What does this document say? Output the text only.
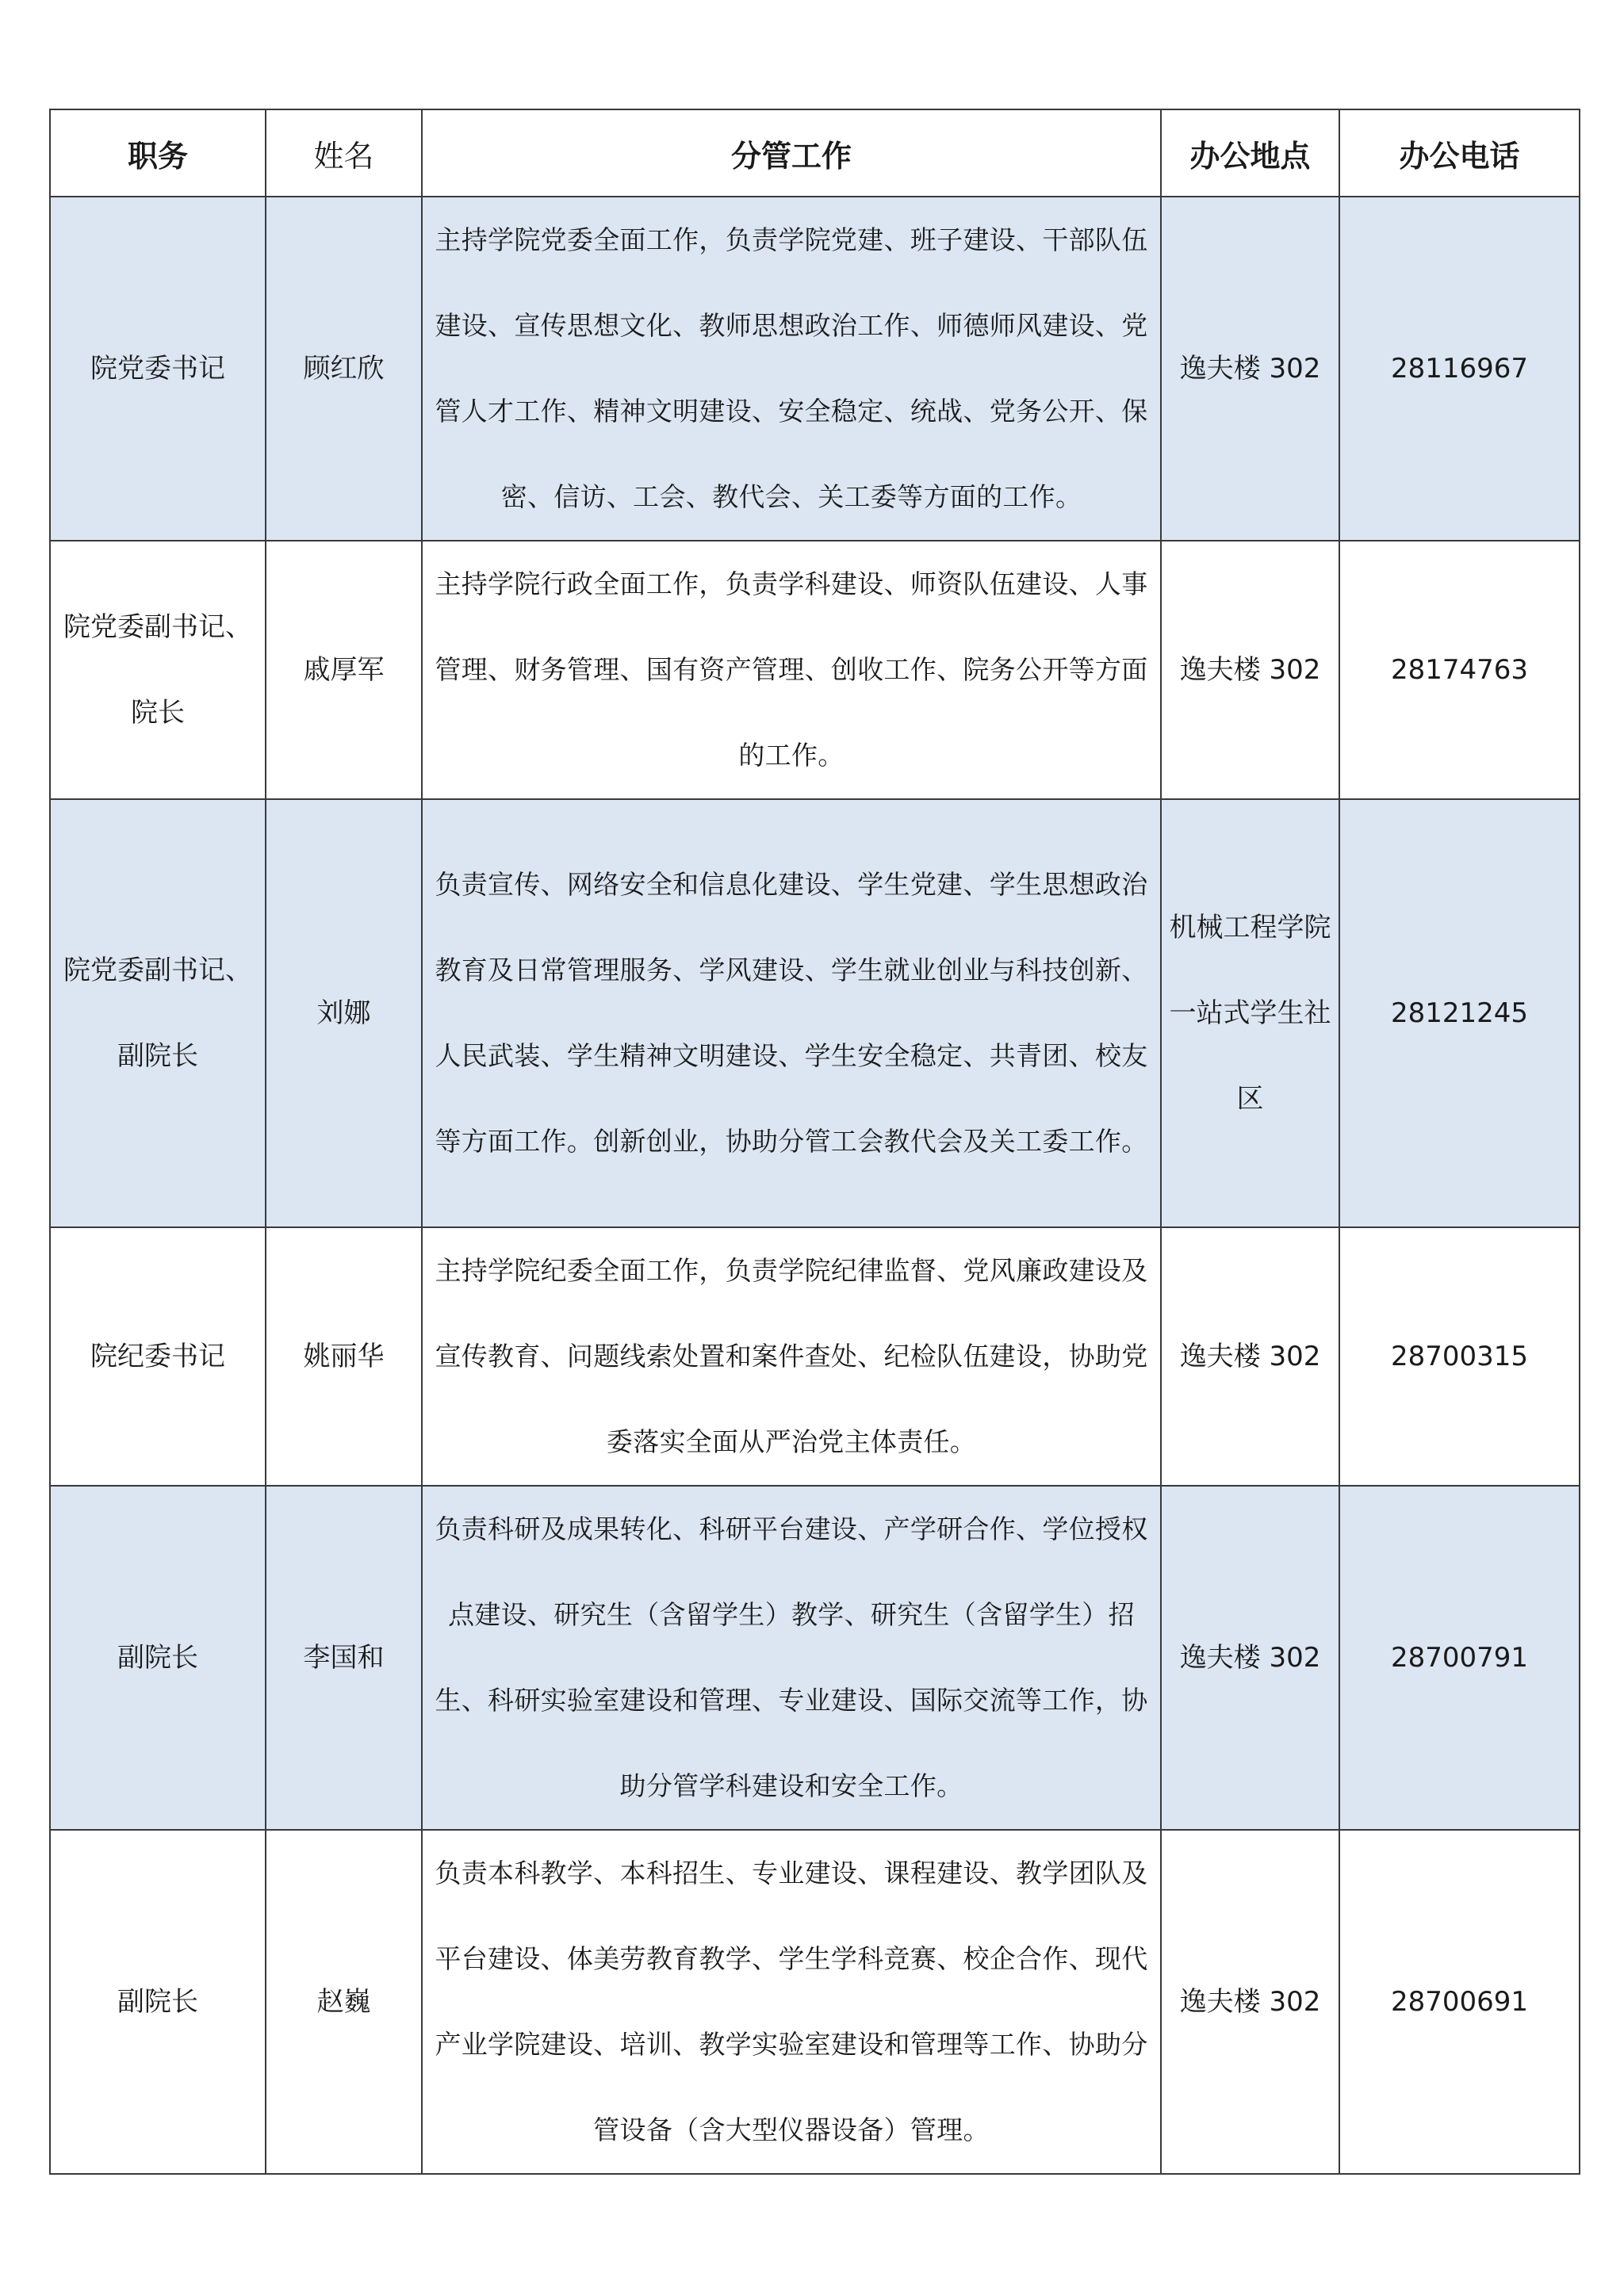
职务	姓名	分管工作	办公地点	办公电话
院党委书记	顾红欣	主持学院党委全面工作，负责学院党建、班子建设、干部队伍建设、宣传思想文化、教师思想政治工作、师德师风建设、党管人才工作、精神文明建设、安全稳定、统战、党务公开、保密、信访、工会、教代会、关工委等方面的工作。	逸夫楼 302	28116967

院党委副书记、院长	戚厚军	主持学院行政全面工作，负责学科建设、师资队伍建设、人事管理、财务管理、国有资产管理、创收工作、院务公开等方面的工作。	逸夫楼 302	28174763

院党委副书记、副院长	刘娜	负责宣传、网络安全和信息化建设、学生党建、学生思想政治教育及日常管理服务、学风建设、学生就业创业与科技创新、人民武装、学生精神文明建设、学生安全稳定、共青团、校友等方面工作。创新创业，协助分管工会教代会及关工委工作。	机械工程学院一站式学生社区	28121245
院纪委书记	姚丽华	主持学院纪委全面工作，负责学院纪律监督、党风廉政建设及宣传教育、问题线索处置和案件查处、纪检队伍建设，协助党委落实全面从严治党主体责任。	逸夫楼 302	28700315
副院长	李国和	负责科研及成果转化、科研平台建设、产学研合作、学位授权点建设、研究生（含留学生）教学、研究生（含留学生）招生、科研实验室建设和管理、专业建设、国际交流等工作，协助分管学科建设和安全工作。	逸夫楼 302	28700791
副院长	赵巍	负责本科教学、本科招生、专业建设、课程建设、教学团队及平台建设、体美劳教育教学、学生学科竞赛、校企合作、现代产业学院建设、培训、教学实验室建设和管理等工作、协助分管设备（含大型仪器设备）管理。	逸夫楼 302	28700691
